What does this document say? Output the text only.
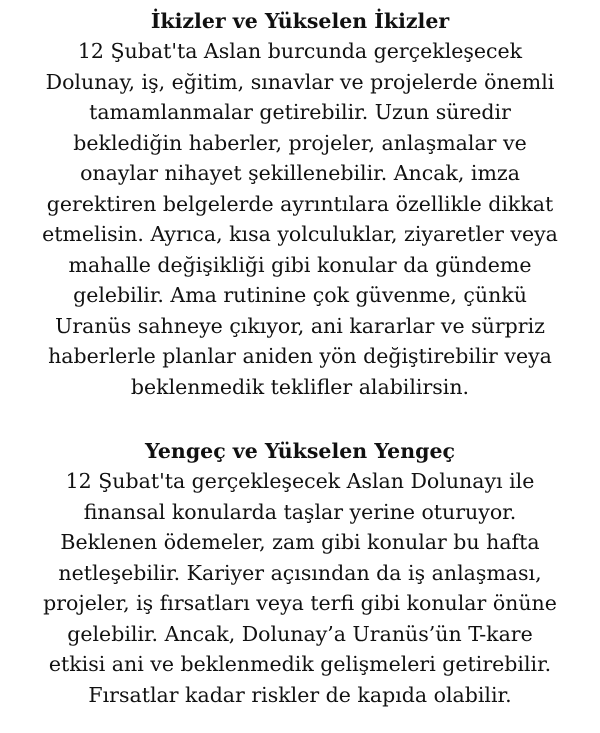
İkizler ve Yükselen İkizler

12 Şubat'ta Aslan burcunda gerçekleşecek
Dolunay, iş, eğitim, sınavlar ve projelerde önemli
tamamlanmalar getirebilir. Uzun süredir
beklediğin haberler, projeler, anlaşmalar ve
onaylar nihayet şekillenebilir. Ancak, imza
gerektiren belgelerde ayrıntılara özellikle dikkat
etmelisin. Ayrıca, kısa yolculuklar, ziyaretler veya
mahalle değişikliği gibi konular da gündeme
gelebilir. Ama rutinine çok güvenme, çünkü
Uranüs sahneye çıkıyor, ani kararlar ve sürpriz
haberlerle planlar aniden yön değiştirebilir veya
beklenmedik teklifler alabilirsin.

Yengeç ve Yükselen Yengeç

12 Şubat'ta gerçekleşecek Aslan Dolunayı ile
finansal konularda taşlar yerine oturuyor.
Beklenen ödemeler, zam gibi konular bu hafta
netleşebilir. Kariyer açısından da iş anlaşması,
projeler, iş fırsatları veya terfi gibi konular önüne
gelebilir. Ancak, Dolunay’a Uranüs’ün T-kare
etkisi ani ve beklenmedik gelişmeleri getirebilir.
Fırsatlar kadar riskler de kapıda olabilir.
